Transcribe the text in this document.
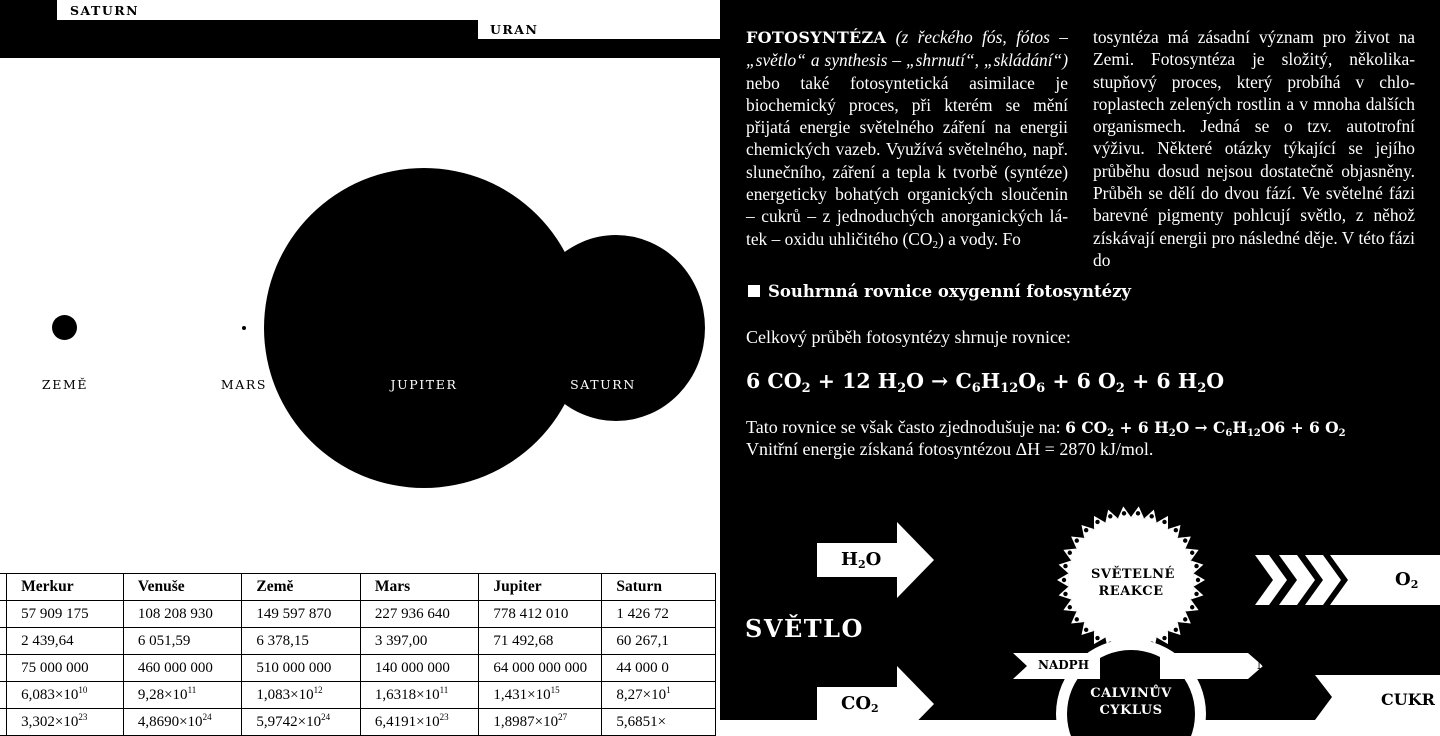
SATURN
URAN
ZEMĚ	MARS	JUPITER	SATURN
	Merkur	Venuše	Země	Mars	Jupiter	Saturn
	57 909 175	108 208 930	149 597 870	227 936 640	778 412 010	1 426 72
	2 439,64	6 051,59	6 378,15	3 397,00	71 492,68	60 267,1
	75 000 000	460 000 000	510 000 000	140 000 000	64 000 000 000	44 000 0
	$6,083\times 10^{10}$	$9,28\times 10^{11}$	$1,083\times 10^{12}$	$1,6318\times 10^{11}$	$1,431\times 10^{15}$	$8,27\times 10^1$
	$3,302\times 10^{23}$	$4,8690\times 10^{24}$	$5,9742\times 10^{24}$	$6,4191\times 10^{23}$	$1,8987\times 10^{27}$	5,6851×
FOTOSYNTÉZA (z řeckého fós, fótos – „světlo“ a synthesis – „shrnutí“, „skládání“) nebo také fotosyntetická asimilace je biochemický proces, při kterém se mění přijatá energie světelného záření na energii chemických vazeb. Využívá světelného, např. slunečního, záření a tepla k tvorbě (syntéze) energeticky bohatých organických sloučenin – cukrů – z jednoduchých anorganických látek – oxidu uhličitého $(CO_2)$ a vody. Fo
tosyntéza má zásadní význam pro život na Zemi. Fotosyntéza je složitý, několikastupňový proces, který probíhá v chloroplastech zelených rostlin a v mnoha dalších organismech. Jedná se o tzv. autotrofní výživu. Některé otázky týkající se jejího průběhu dosud nejsou dostatečně objasněny. Průběh se dělí do dvou fází. Ve světelné fázi barevné pigmenty pohlcují světlo, z něhož získávají energii pro následné děje. V této fázi do
Souhrnná rovnice oxygenní fotosyntézy
Celkový průběh fotosyntézy shrnuje rovnice:
6 $CO_2 + 12$ $H_2O \to C_6H_{12}O_6 + 6$ $O_2 + 6$ $H_2O$
Tato rovnice se však často zjednodušuje na: 6 $CO_2 + 6$ $H_2O \to C_6H_{12}O6 + 6$ $O_2$
Vnitřní energie získaná fotosyntézou ΔH = 2870 kJ/mol.
$H_2O$
$CO_2$
SVĚTLO
SVĚTELNÉ
REAKCE
CALVINŮV
CYKLUS
NADPH	NADP+
$O_2$
CUKR
